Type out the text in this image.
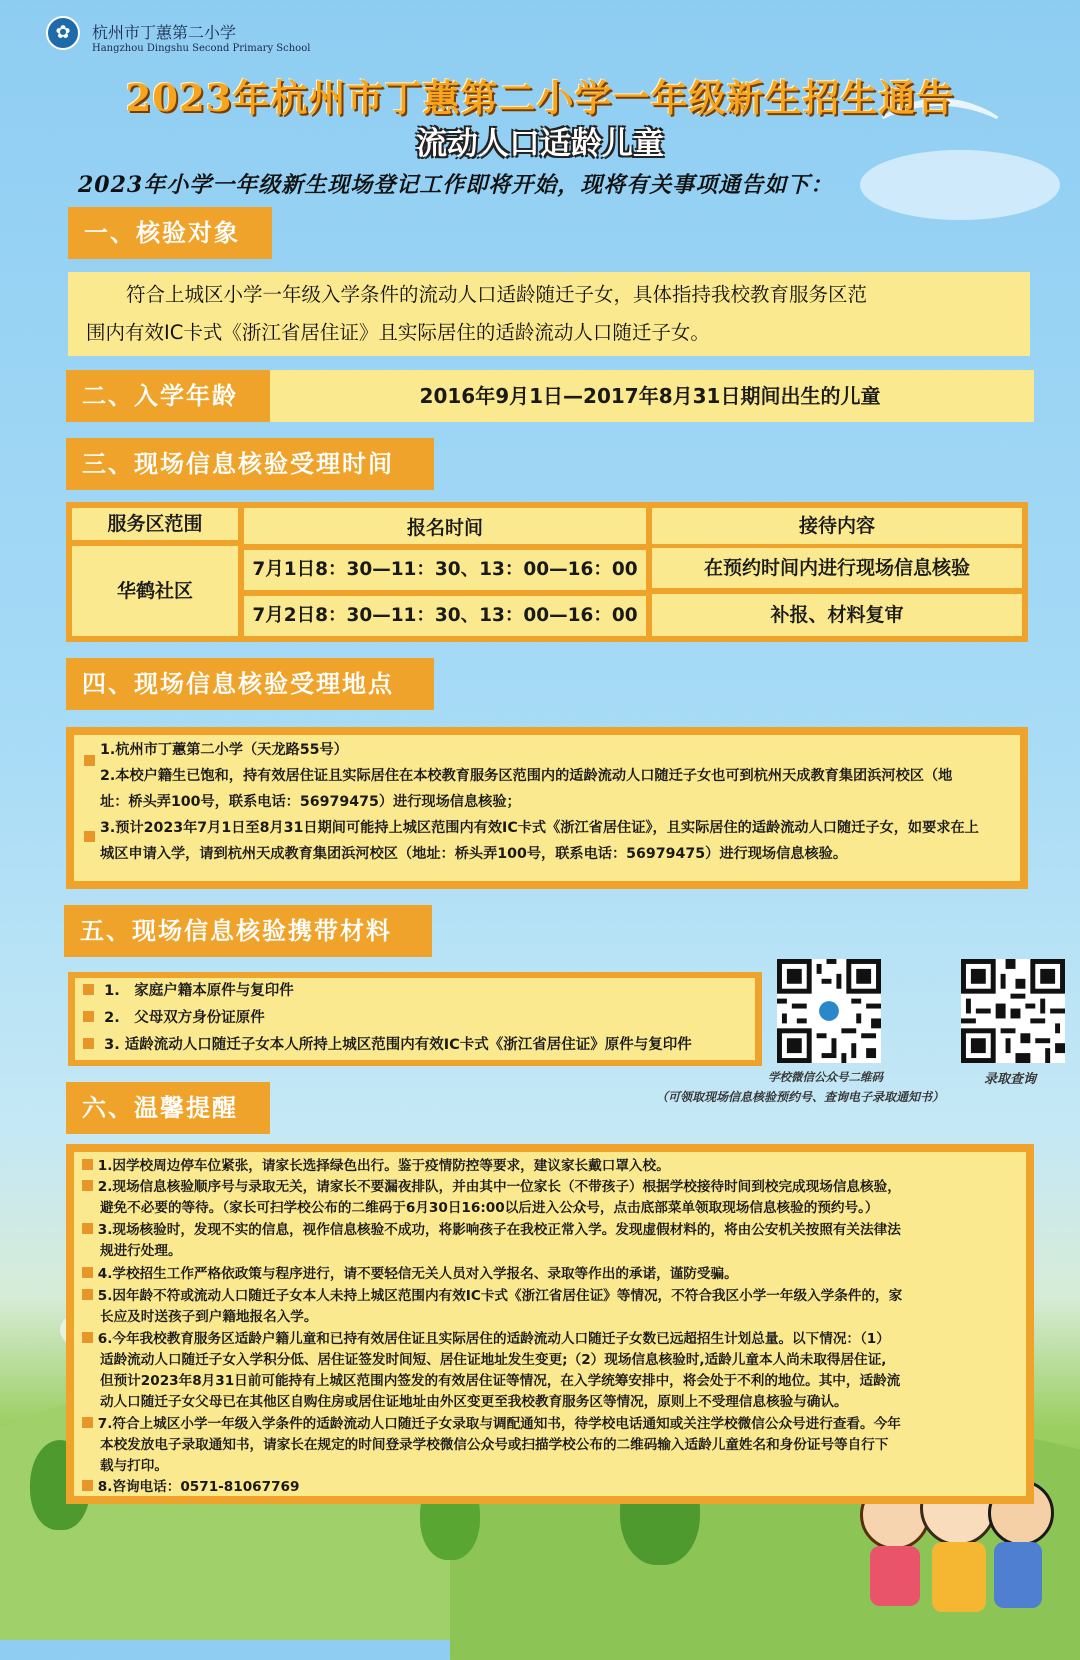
⌒
✿	杭州市丁蕙第二小学
Hangzhou Dingshu Second Primary School
2023年杭州市丁蕙第二小学一年级新生招生通告
流动人口适龄儿童
2023年小学一年级新生现场登记工作即将开始，现将有关事项通告如下：
一、核验对象
符合上城区小学一年级入学条件的流动人口适龄随迁子女，具体指持我校教育服务区范
围内有效IC卡式《浙江省居住证》且实际居住的适龄流动人口随迁子女。
二、入学年龄	2016年9月1日—2017年8月31日期间出生的儿童
三、现场信息核验受理时间
服务区范围	报名时间	接待内容
华鹤社区
7月1日8：30—11：30、13：00—16：00	在预约时间内进行现场信息核验
7月2日8：30—11：30、13：00—16：00	补报、材料复审
四、现场信息核验受理地点
1.杭州市丁蕙第二小学（天龙路55号）
2.本校户籍生已饱和，持有效居住证且实际居住在本校教育服务区范围内的适龄流动人口随迁子女也可到杭州天成教育集团浜河校区（地
址：桥头弄100号，联系电话：56979475）进行现场信息核验；
3.预计2023年7月1日至8月31日期间可能持上城区范围内有效IC卡式《浙江省居住证》，且实际居住的适龄流动人口随迁子女，如要求在上
城区申请入学，请到杭州天成教育集团浜河校区（地址：桥头弄100号，联系电话：56979475）进行现场信息核验。
五、现场信息核验携带材料
1.　家庭户籍本原件与复印件
2.　父母双方身份证原件
3. 适龄流动人口随迁子女本人所持上城区范围内有效IC卡式《浙江省居住证》原件与复印件
学校微信公众号二维码	录取查询
（可领取现场信息核验预约号、查询电子录取通知书）
六、温馨提醒
1.因学校周边停车位紧张，请家长选择绿色出行。鉴于疫情防控等要求，建议家长戴口罩入校。
2.现场信息核验顺序号与录取无关，请家长不要漏夜排队，并由其中一位家长（不带孩子）根据学校接待时间到校完成现场信息核验，
避免不必要的等待。（家长可扫学校公布的二维码于6月30日16:00以后进入公众号，点击底部菜单领取现场信息核验的预约号。）
3.现场核验时，发现不实的信息，视作信息核验不成功，将影响孩子在我校正常入学。发现虚假材料的，将由公安机关按照有关法律法
规进行处理。
4.学校招生工作严格依政策与程序进行，请不要轻信无关人员对入学报名、录取等作出的承诺，谨防受骗。
5.因年龄不符或流动人口随迁子女本人未持上城区范围内有效IC卡式《浙江省居住证》等情况，不符合我区小学一年级入学条件的，家
长应及时送孩子到户籍地报名入学。
6.今年我校教育服务区适龄户籍儿童和已持有效居住证且实际居住的适龄流动人口随迁子女数已远超招生计划总量。以下情况：（1）
适龄流动人口随迁子女入学积分低、居住证签发时间短、居住证地址发生变更;（2）现场信息核验时,适龄儿童本人尚未取得居住证,
但预计2023年8月31日前可能持有上城区范围内签发的有效居住证等情况，在入学统筹安排中，将会处于不利的地位。其中，适龄流
动人口随迁子女父母已在其他区自购住房或居住证地址由外区变更至我校教育服务区等情况，原则上不受理信息核验与确认。
7.符合上城区小学一年级入学条件的适龄流动人口随迁子女录取与调配通知书，待学校电话通知或关注学校微信公众号进行查看。今年
本校发放电子录取通知书，请家长在规定的时间登录学校微信公众号或扫描学校公布的二维码输入适龄儿童姓名和身份证号等自行下
载与打印。
8.咨询电话：0571-81067769
